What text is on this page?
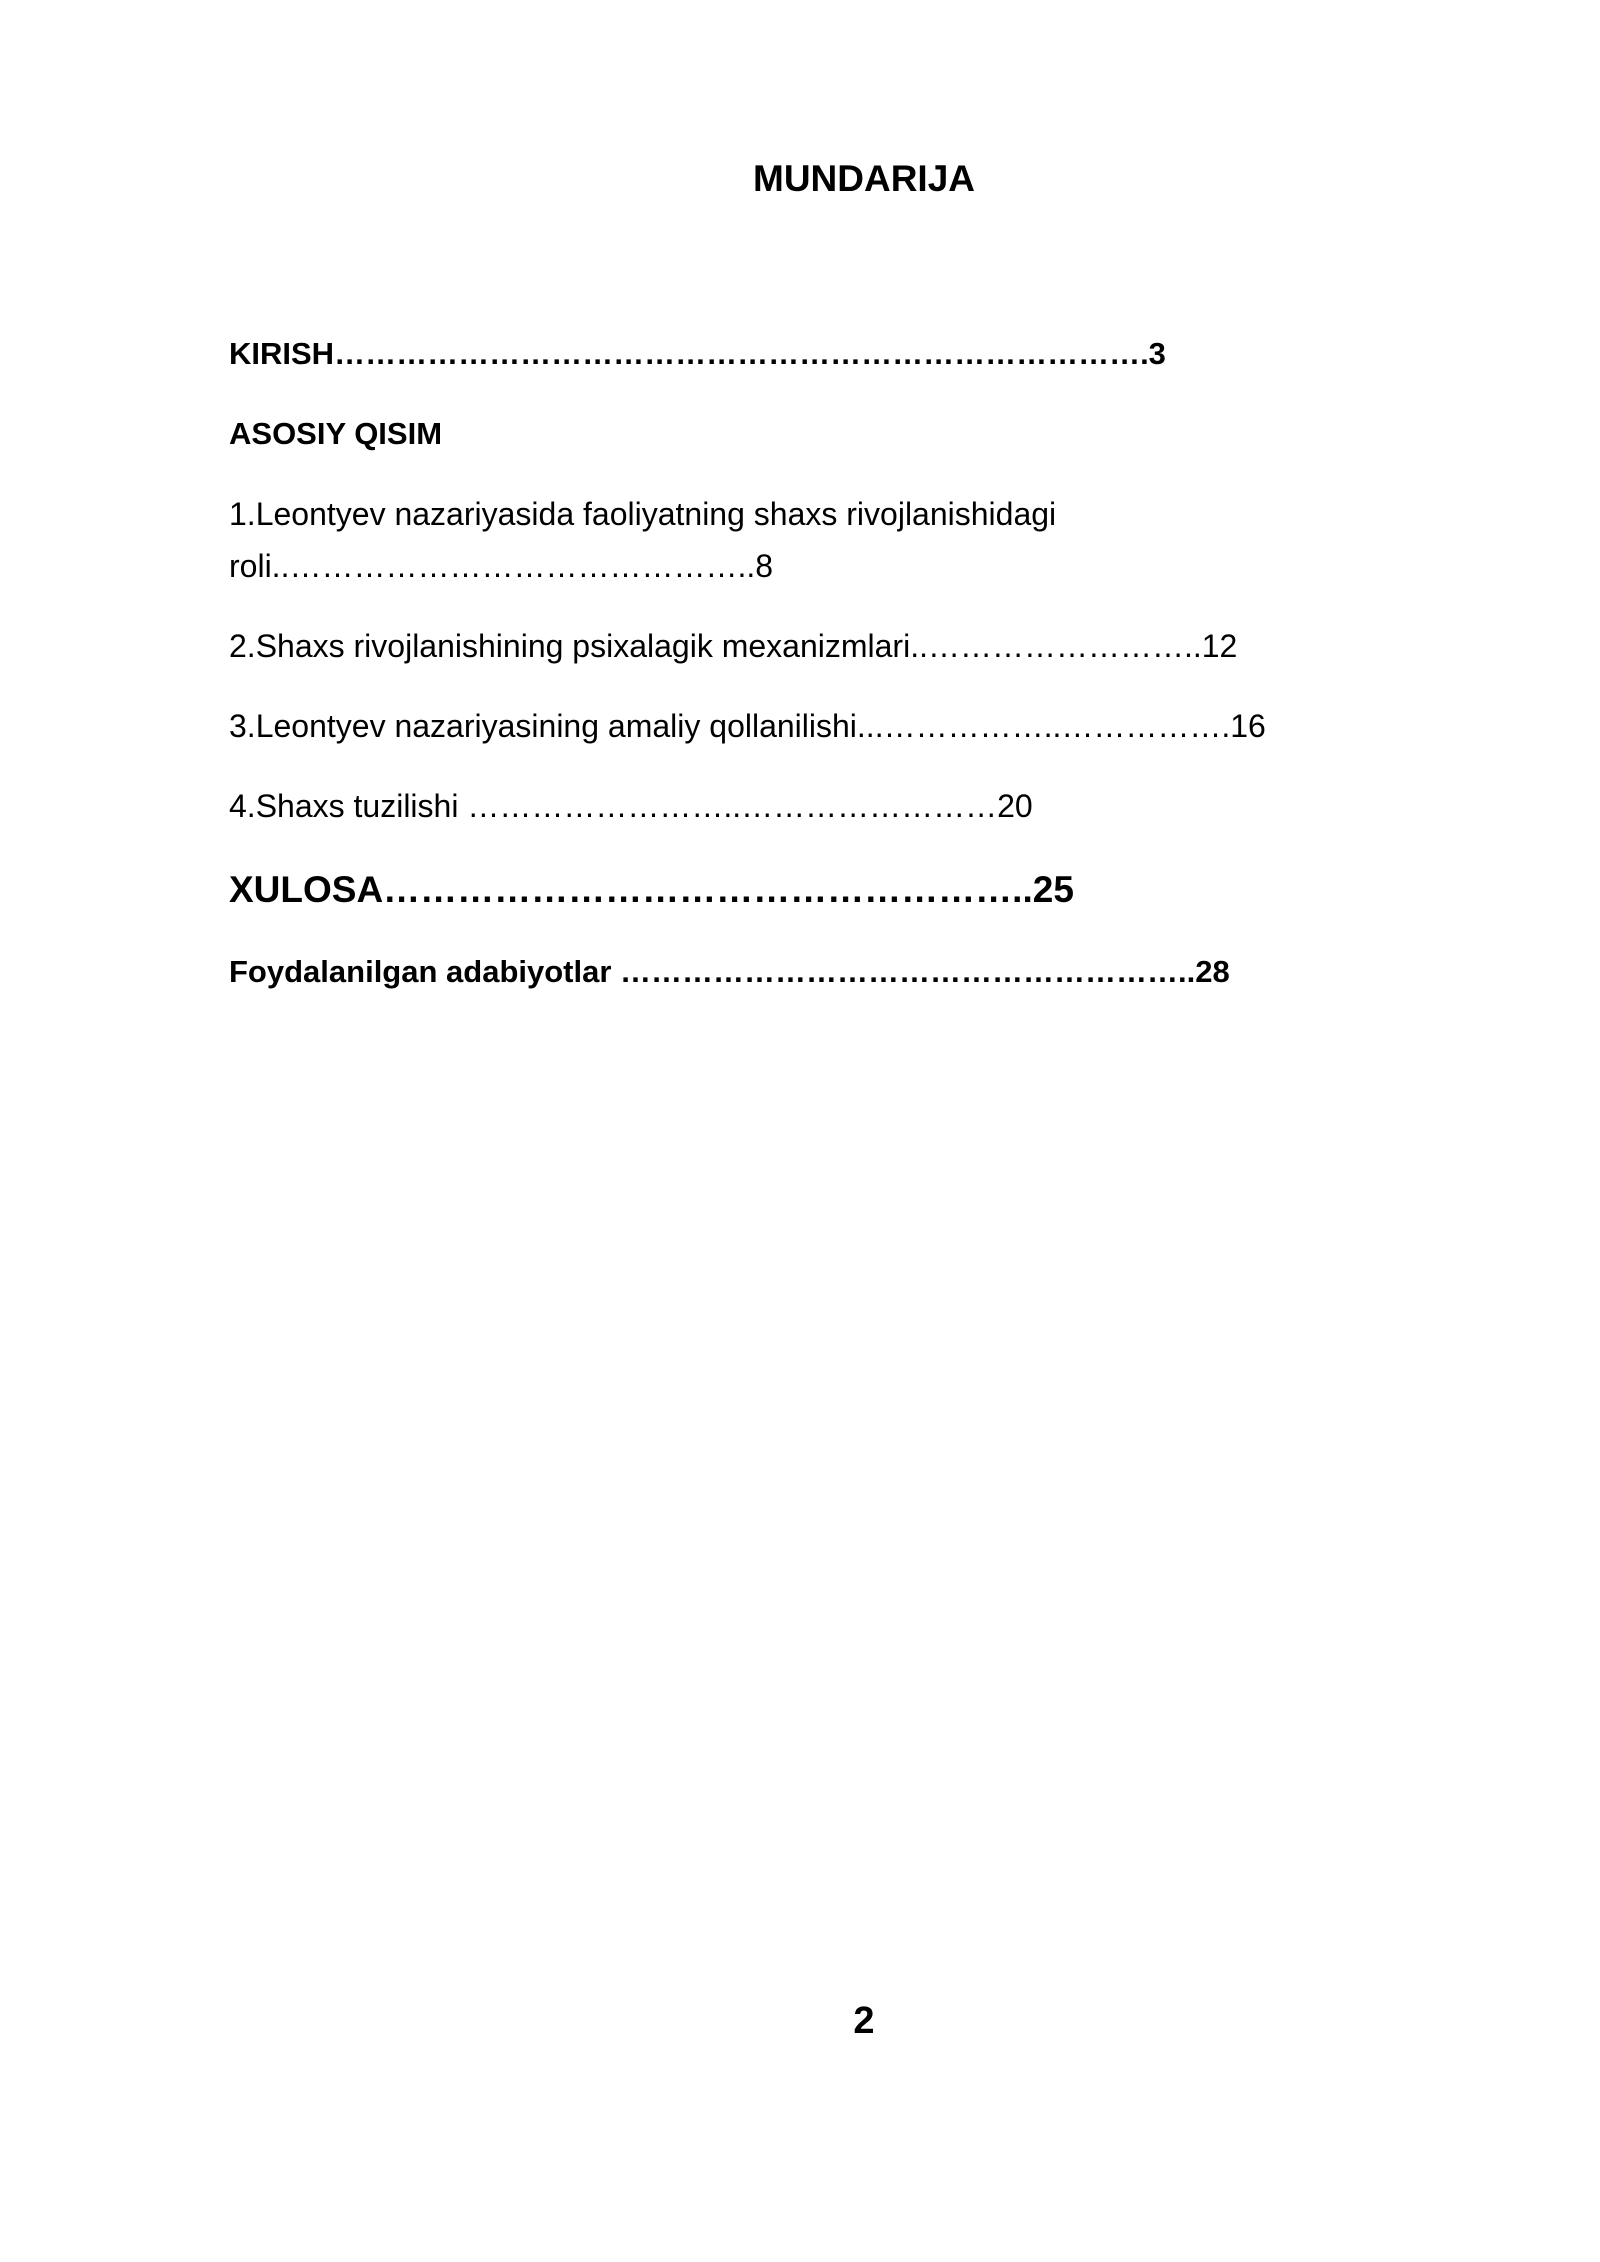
MUNDARIJA
KIRISH…………………………………………………………………….3
ASOSIY QISIM
1.Leontyev nazariyasida faoliyatning shaxs rivojlanishidagi
roli..……………………………………..8
2.Shaxs rivojlanishining psixalagik mexanizmlari..……………………..12
3.Leontyev nazariyasining amaliy qollanilishi...……………..…………….16
4.Shaxs tuzilishi ……………………..……………………20
XULOSA……………………………………………..25
Foydalanilgan adabiyotlar ………………………………………………..28
2
